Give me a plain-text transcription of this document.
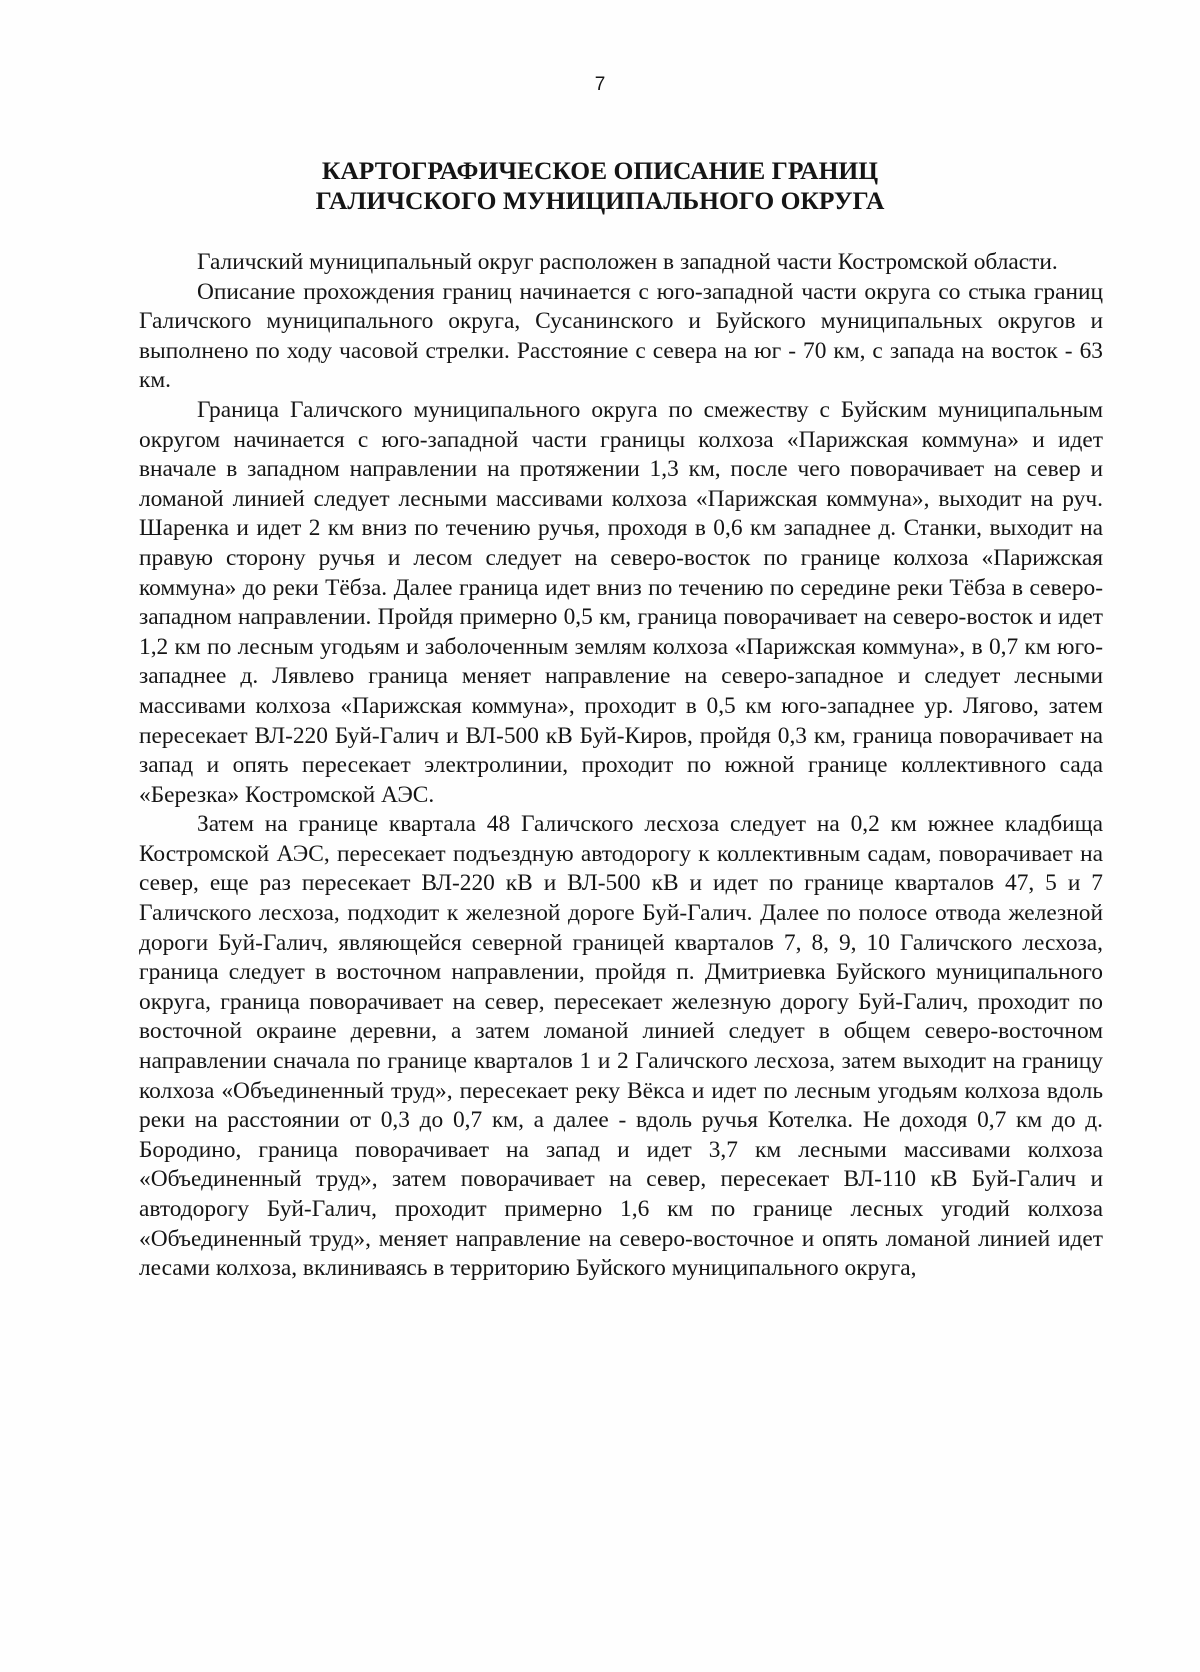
7
КАРТОГРАФИЧЕСКОЕ ОПИСАНИЕ ГРАНИЦ
ГАЛИЧСКОГО МУНИЦИПАЛЬНОГО ОКРУГА

Галичский муниципальный округ расположен в западной части Костромской области.

Описание прохождения границ начинается с юго-западной части округа со стыка границ Галичского муниципального округа, Сусанинского и Буйского муниципальных округов и выполнено по ходу часовой стрелки. Расстояние с севера на юг - 70 км, с запада на восток - 63 км.

Граница Галичского муниципального округа по смежеству с Буйским муниципальным округом начинается с юго-западной части границы колхоза «Парижская коммуна» и идет вначале в западном направлении на протяжении 1,3 км, после чего поворачивает на север и ломаной линией следует лесными массивами колхоза «Парижская коммуна», выходит на руч. Шаренка и идет 2 км вниз по течению ручья, проходя в 0,6 км западнее д. Станки, выходит на правую сторону ручья и лесом следует на северо-восток по границе колхоза «Парижская коммуна» до реки Тёбза. Далее граница идет вниз по течению по середине реки Тёбза в северо-западном направлении. Пройдя примерно 0,5 км, граница поворачивает на северо-восток и идет 1,2 км по лесным угодьям и заболоченным землям колхоза «Парижская коммуна», в 0,7 км юго-западнее д. Лявлево граница меняет направление на северо-западное и следует лесными массивами колхоза «Парижская коммуна», проходит в 0,5 км юго-западнее ур. Лягово, затем пересекает ВЛ-220 Буй-Галич и ВЛ-500 кВ Буй-Киров, пройдя 0,3 км, граница поворачивает на запад и опять пересекает электролинии, проходит по южной границе коллективного сада «Березка» Костромской АЭС.

Затем на границе квартала 48 Галичского лесхоза следует на 0,2 км южнее кладбища Костромской АЭС, пересекает подъездную автодорогу к коллективным садам, поворачивает на север, еще раз пересекает ВЛ-220 кВ и ВЛ-500 кВ и идет по границе кварталов 47, 5 и 7 Галичского лесхоза, подходит к железной дороге Буй-Галич. Далее по полосе отвода железной дороги Буй-Галич, являющейся северной границей кварталов 7, 8, 9, 10 Галичского лесхоза, граница следует в восточном направлении, пройдя п. Дмитриевка Буйского муниципального округа, граница поворачивает на север, пересекает железную дорогу Буй-Галич, проходит по восточной окраине деревни, а затем ломаной линией следует в общем северо-восточном направлении сначала по границе кварталов 1 и 2 Галичского лесхоза, затем выходит на границу колхоза «Объединенный труд», пересекает реку Вёкса и идет по лесным угодьям колхоза вдоль реки на расстоянии от 0,3 до 0,7 км, а далее - вдоль ручья Котелка. Не доходя 0,7 км до д. Бородино, граница поворачивает на запад и идет 3,7 км лесными массивами колхоза «Объединенный труд», затем поворачивает на север, пересекает ВЛ-110 кВ Буй-Галич и автодорогу Буй-Галич, проходит примерно 1,6 км по границе лесных угодий колхоза «Объединенный труд», меняет направление на северо-восточное и опять ломаной линией идет лесами колхоза, вклиниваясь в территорию Буйского муниципального округа,
